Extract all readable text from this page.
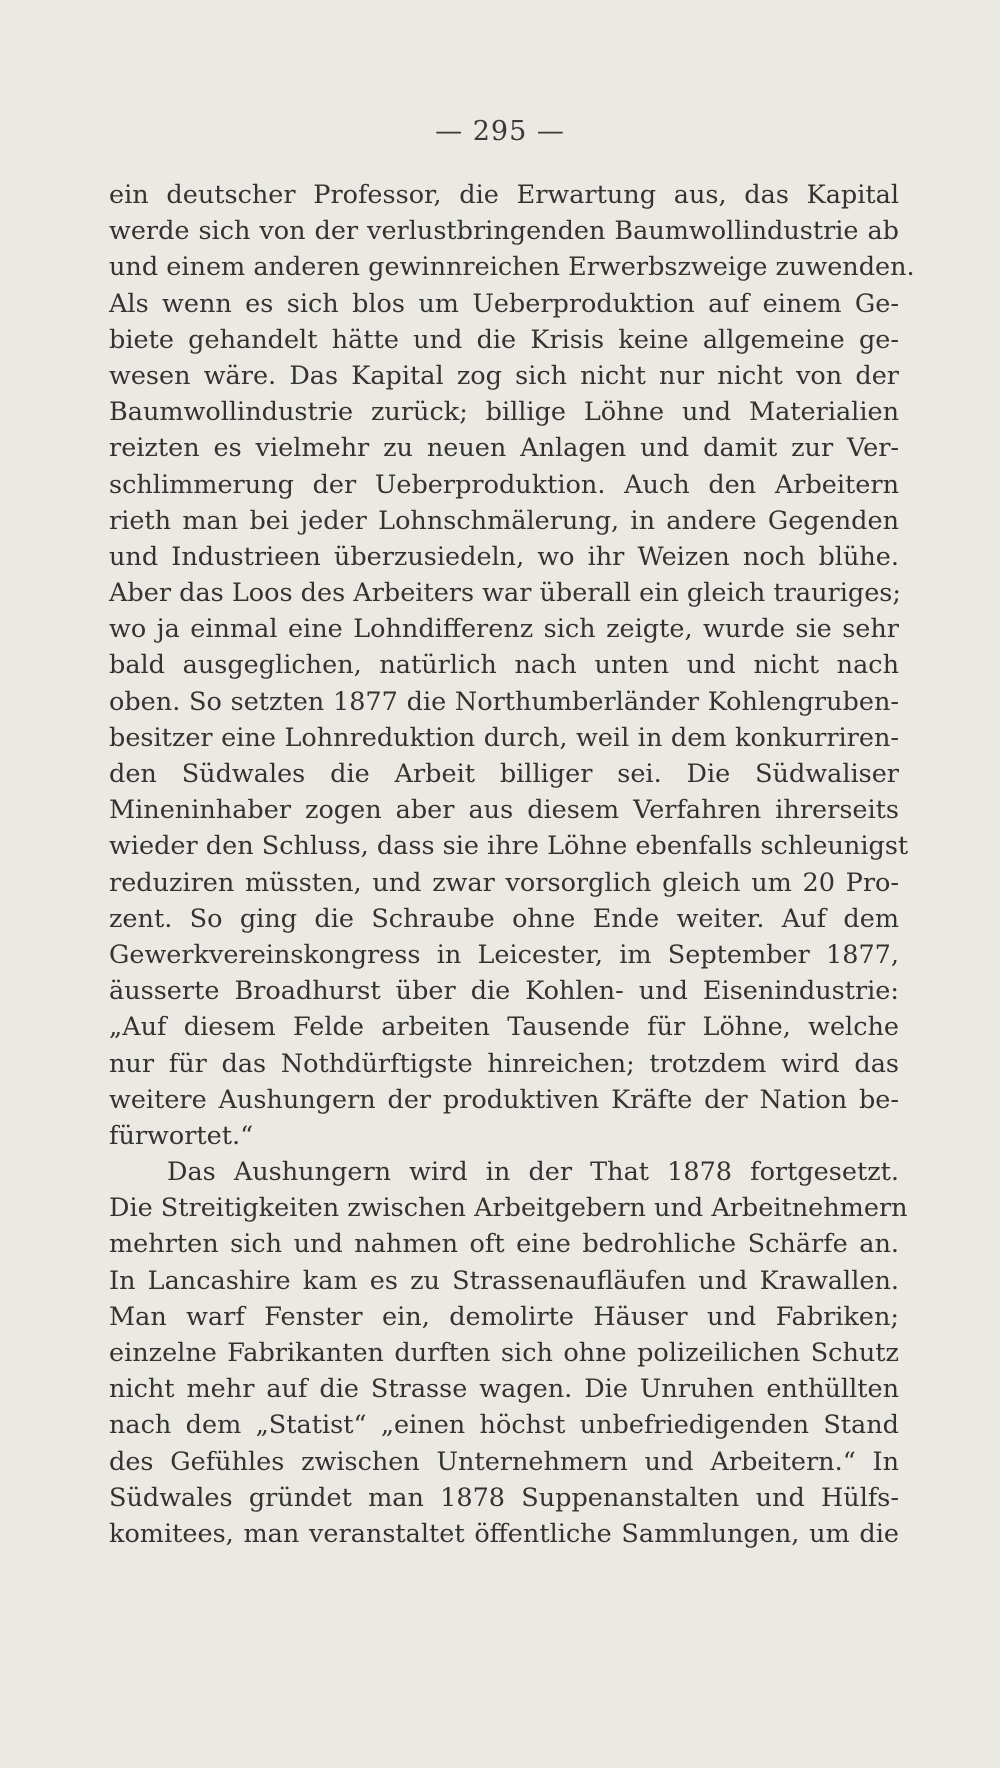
— 295 —
ein deutscher Professor, die Erwartung aus, das Kapital
werde sich von der verlustbringenden Baumwollindustrie ab
und einem anderen gewinnreichen Erwerbszweige zuwenden.
Als wenn es sich blos um Ueberproduktion auf einem Ge-
biete gehandelt hätte und die Krisis keine allgemeine ge-
wesen wäre. Das Kapital zog sich nicht nur nicht von der
Baumwollindustrie zurück; billige Löhne und Materialien
reizten es vielmehr zu neuen Anlagen und damit zur Ver-
schlimmerung der Ueberproduktion. Auch den Arbeitern
rieth man bei jeder Lohnschmälerung, in andere Gegenden
und Industrieen überzusiedeln, wo ihr Weizen noch blühe.
Aber das Loos des Arbeiters war überall ein gleich trauriges;
wo ja einmal eine Lohndifferenz sich zeigte, wurde sie sehr
bald ausgeglichen, natürlich nach unten und nicht nach
oben. So setzten 1877 die Northumberländer Kohlengruben-
besitzer eine Lohnreduktion durch, weil in dem konkurriren-
den Südwales die Arbeit billiger sei. Die Südwaliser
Mineninhaber zogen aber aus diesem Verfahren ihrerseits
wieder den Schluss, dass sie ihre Löhne ebenfalls schleunigst
reduziren müssten, und zwar vorsorglich gleich um 20 Pro-
zent. So ging die Schraube ohne Ende weiter. Auf dem
Gewerkvereinskongress in Leicester, im September 1877,
äusserte Broadhurst über die Kohlen- und Eisenindustrie:
„Auf diesem Felde arbeiten Tausende für Löhne, welche
nur für das Nothdürftigste hinreichen; trotzdem wird das
weitere Aushungern der produktiven Kräfte der Nation be-
fürwortet.“
Das Aushungern wird in der That 1878 fortgesetzt.
Die Streitigkeiten zwischen Arbeitgebern und Arbeitnehmern
mehrten sich und nahmen oft eine bedrohliche Schärfe an.
In Lancashire kam es zu Strassenaufläufen und Krawallen.
Man warf Fenster ein, demolirte Häuser und Fabriken;
einzelne Fabrikanten durften sich ohne polizeilichen Schutz
nicht mehr auf die Strasse wagen. Die Unruhen enthüllten
nach dem „Statist“ „einen höchst unbefriedigenden Stand
des Gefühles zwischen Unternehmern und Arbeitern.“ In
Südwales gründet man 1878 Suppenanstalten und Hülfs-
komitees, man veranstaltet öffentliche Sammlungen, um die
